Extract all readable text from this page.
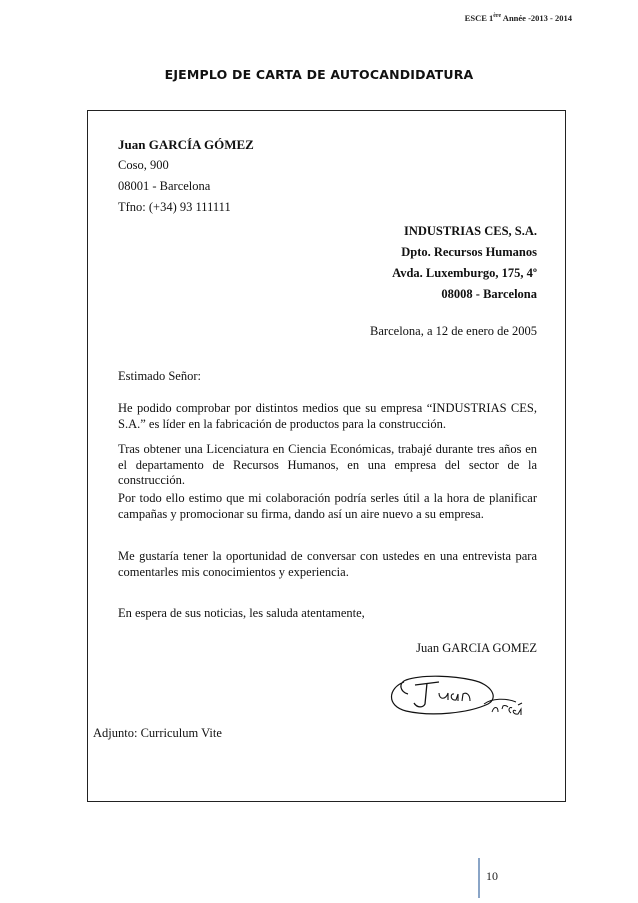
ESCE 1ère Année -2013 - 2014
EJEMPLO DE CARTA DE AUTOCANDIDATURA
Juan GARCÍA GÓMEZ
Coso, 900
08001 - Barcelona
Tfno: (+34) 93 111111
INDUSTRIAS CES, S.A.
Dpto. Recursos Humanos
Avda. Luxemburgo, 175, 4º
08008 - Barcelona
Barcelona, a 12 de enero de 2005
Estimado Señor:
He podido comprobar por distintos medios que su empresa “INDUSTRIAS CES, S.A.” es líder en la fabricación de productos para la construcción.
Tras obtener una Licenciatura en Ciencia Económicas, trabajé durante tres años en el departamento de Recursos Humanos, en una empresa del sector de la construcción.
Por todo ello estimo que mi colaboración podría serles útil a la hora de planificar campañas y promocionar su firma, dando así un aire nuevo a su empresa.
Me gustaría tener la oportunidad de conversar con ustedes en una entrevista para comentarles mis conocimientos y experiencia.
En espera de sus noticias, les saluda atentamente,
Juan GARCIA GOMEZ
Adjunto: Curriculum Vite
10
